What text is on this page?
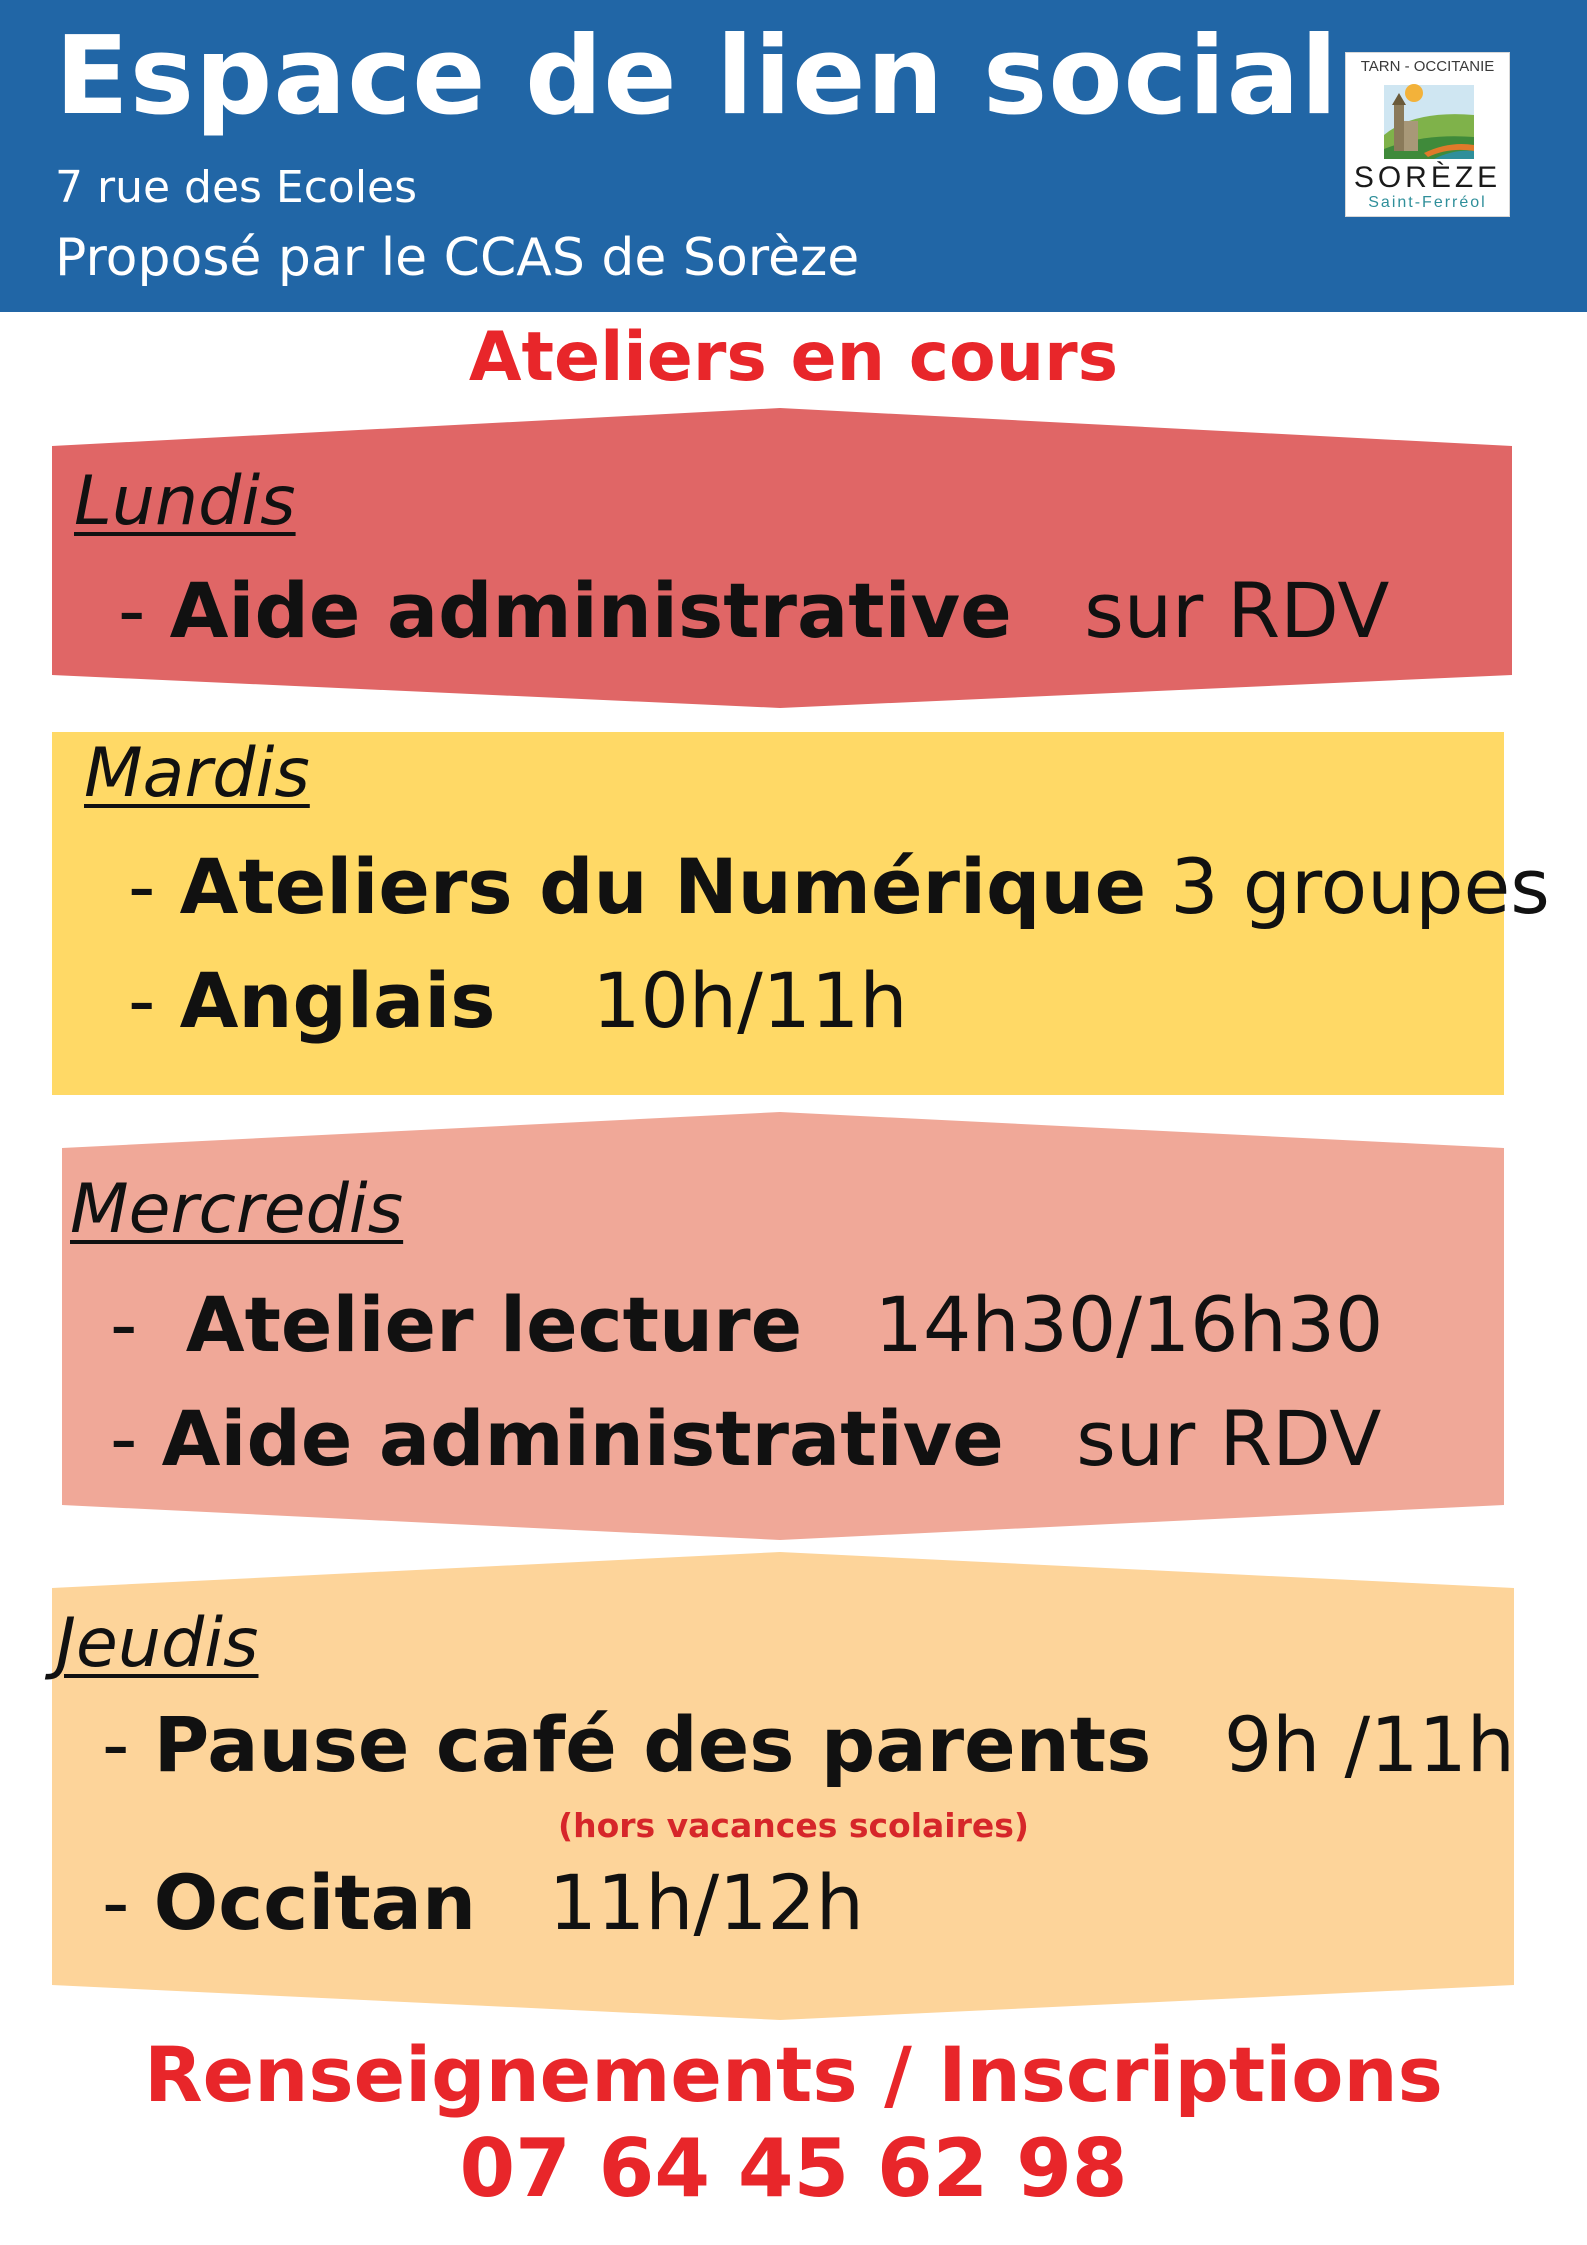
Espace de lien social
7 rue des Ecoles
Proposé par le CCAS de Sorèze
TARN - OCCITANIE
SORÈZE
Saint-Ferréol
Ateliers en cours
Lundis
- Aide administrative sur RDV
Mardis
- Ateliers du Numérique 3 groupes
- Anglais 10h/11h
Mercredis
-  Atelier lecture 14h30/16h30
- Aide administrative sur RDV
Jeudis
- Pause café des parents 9h /11h
(hors vacances scolaires)
- Occitan 11h/12h
Renseignements / Inscriptions
07 64 45 62 98
